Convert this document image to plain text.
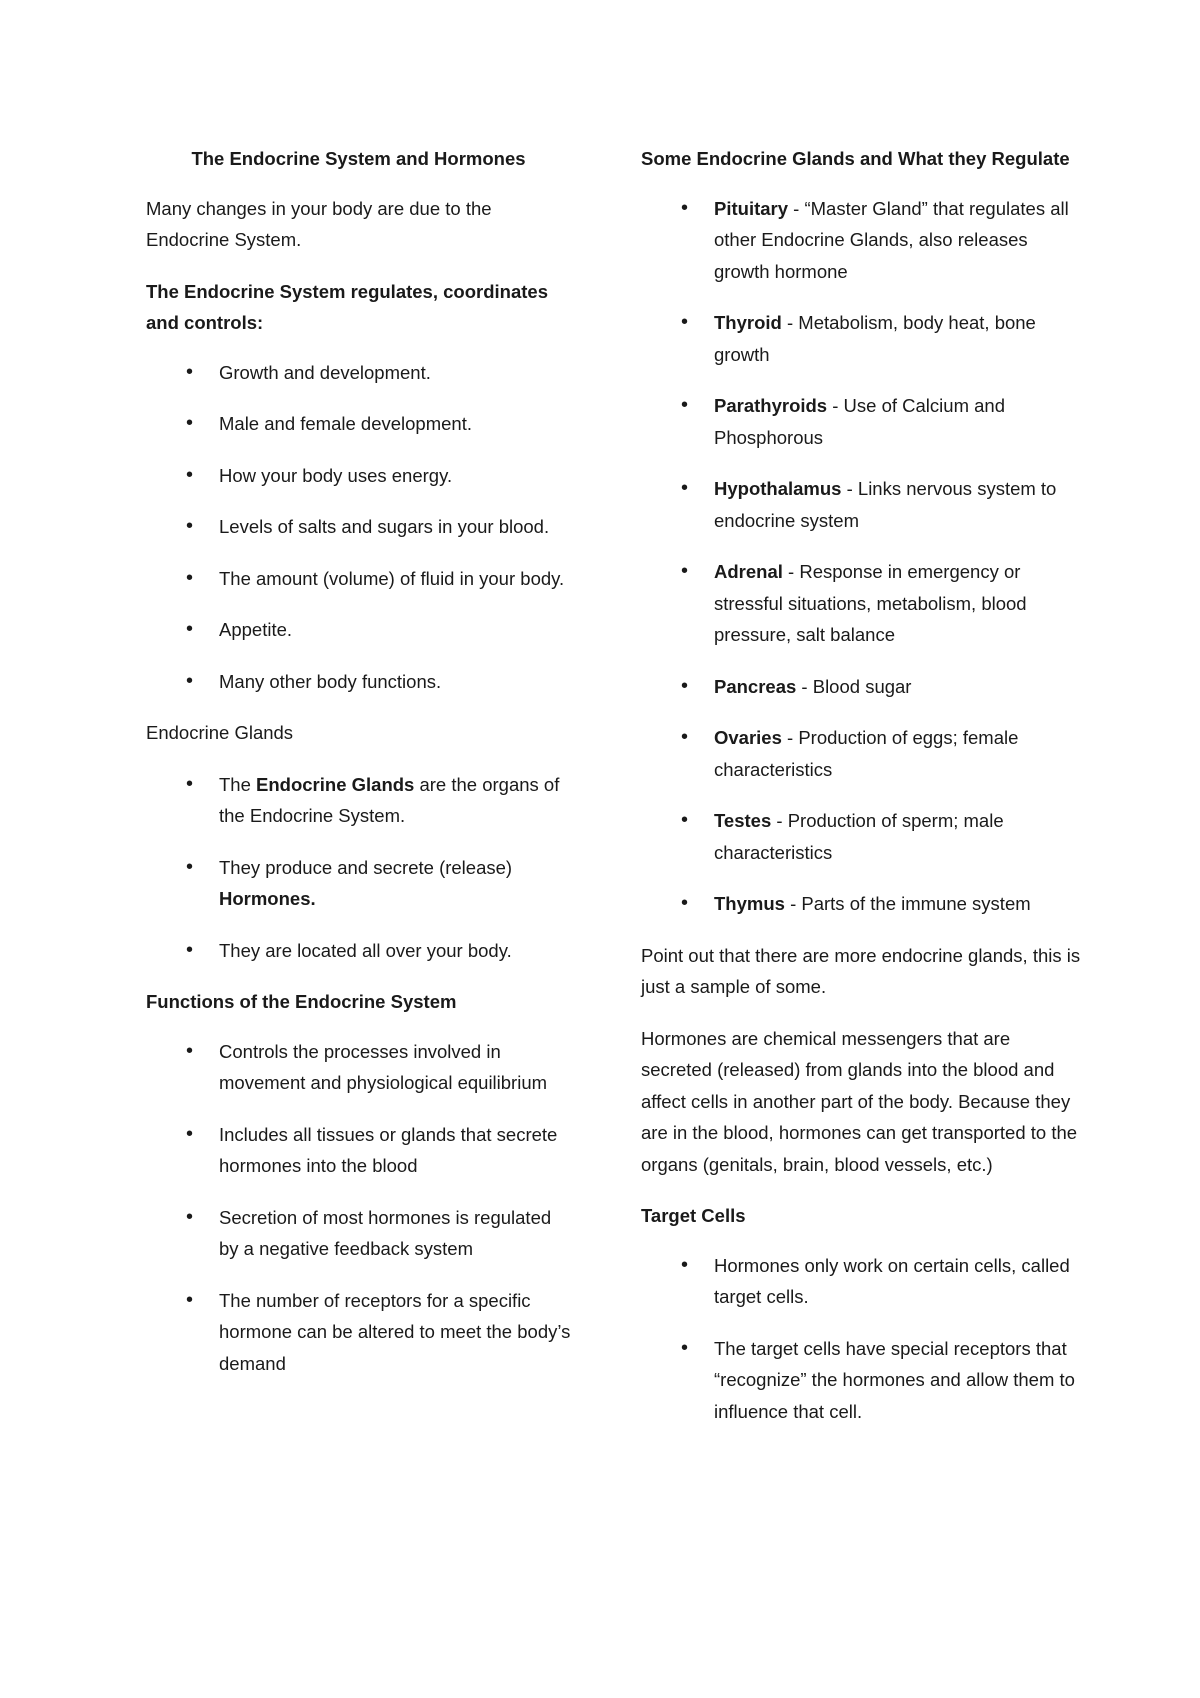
The Endocrine System and Hormones

Many changes in your body are due to the Endocrine System.

The Endocrine System regulates, coordinates and controls:

• Growth and development.
• Male and female development.
• How your body uses energy.
• Levels of salts and sugars in your blood.
• The amount (volume) of fluid in your body.
• Appetite.
• Many other body functions.

Endocrine Glands

• The Endocrine Glands are the organs of the Endocrine System.
• They produce and secrete (release) Hormones.
• They are located all over your body.

Functions of the Endocrine System

• Controls the processes involved in movement and physiological equilibrium
• Includes all tissues or glands that secrete hormones into the blood
• Secretion of most hormones is regulated by a negative feedback system
• The number of receptors for a specific hormone can be altered to meet the body’s demand

Some Endocrine Glands and What they Regulate

• Pituitary - “Master Gland” that regulates all other Endocrine Glands, also releases growth hormone
• Thyroid - Metabolism, body heat, bone growth
• Parathyroids - Use of Calcium and Phosphorous
• Hypothalamus - Links nervous system to endocrine system
• Adrenal - Response in emergency or stressful situations, metabolism, blood pressure, salt balance
• Pancreas - Blood sugar
• Ovaries - Production of eggs; female characteristics
• Testes - Production of sperm; male characteristics
• Thymus - Parts of the immune system

Point out that there are more endocrine glands, this is just a sample of some.

Hormones are chemical messengers that are secreted (released) from glands into the blood and affect cells in another part of the body. Because they are in the blood, hormones can get transported to the organs (genitals, brain, blood vessels, etc.)

Target Cells

• Hormones only work on certain cells, called target cells.
• The target cells have special receptors that “recognize” the hormones and allow them to influence that cell.
